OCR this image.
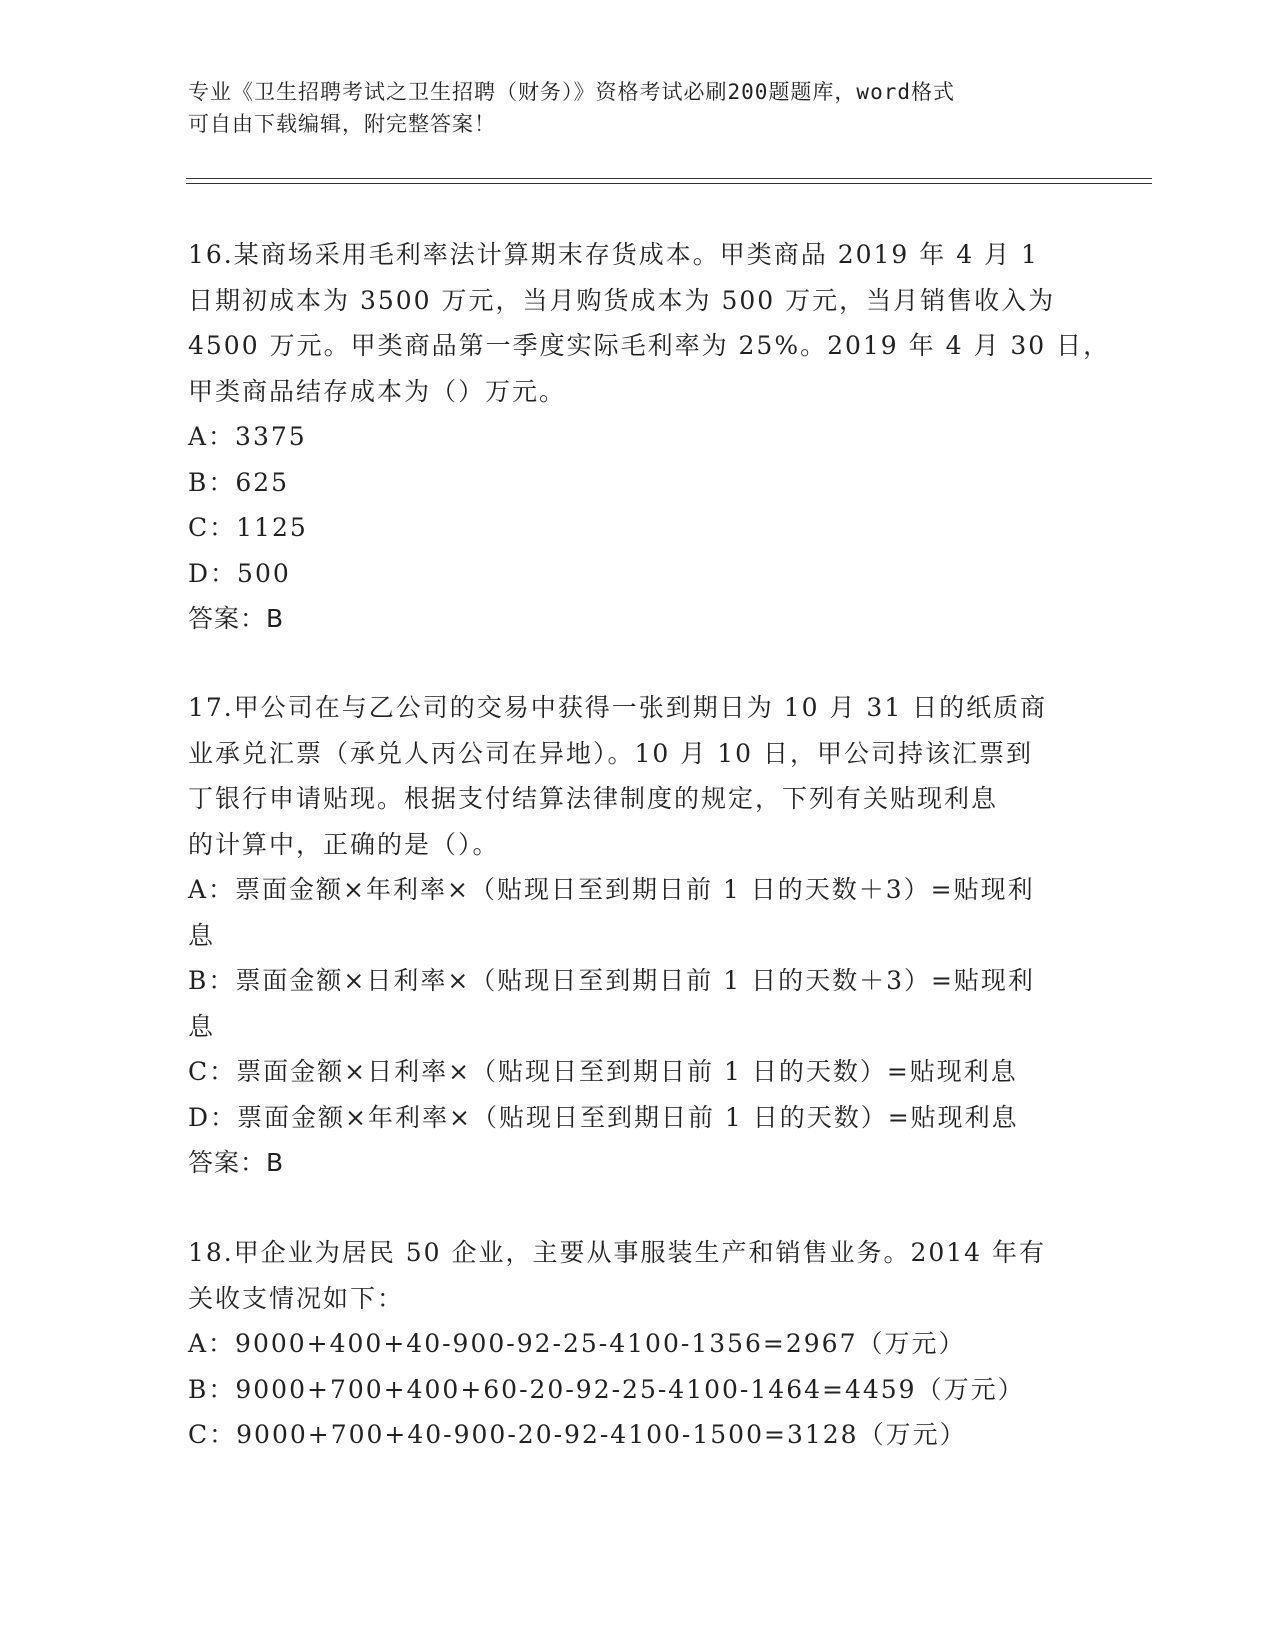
专业《卫生招聘考试之卫生招聘（财务）》资格考试必刷200题题库，word格式
可自由下载编辑，附完整答案！
16.某商场采用毛利率法计算期末存货成本。甲类商品 2019 年 4 月 1
日期初成本为 3500 万元，当月购货成本为 500 万元，当月销售收入为
4500 万元。甲类商品第一季度实际毛利率为 25%。2019 年 4 月 30 日，
甲类商品结存成本为（）万元。
A：3375
B：625
C：1125
D：500
答案：B
17.甲公司在与乙公司的交易中获得一张到期日为 10 月 31 日的纸质商
业承兑汇票（承兑人丙公司在异地）。10 月 10 日，甲公司持该汇票到
丁银行申请贴现。根据支付结算法律制度的规定，下列有关贴现利息
的计算中，正确的是（）。
A：票面金额×年利率×（贴现日至到期日前 1 日的天数＋3）=贴现利
息
B：票面金额×日利率×（贴现日至到期日前 1 日的天数＋3）=贴现利
息
C：票面金额×日利率×（贴现日至到期日前 1 日的天数）=贴现利息
D：票面金额×年利率×（贴现日至到期日前 1 日的天数）=贴现利息
答案：B
18.甲企业为居民 50 企业，主要从事服装生产和销售业务。2014 年有
关收支情况如下：
A：9000+400+40-900-92-25-4100-1356=2967（万元）
B：9000+700+400+60-20-92-25-4100-1464=4459（万元）
C：9000+700+40-900-20-92-4100-1500=3128（万元）
